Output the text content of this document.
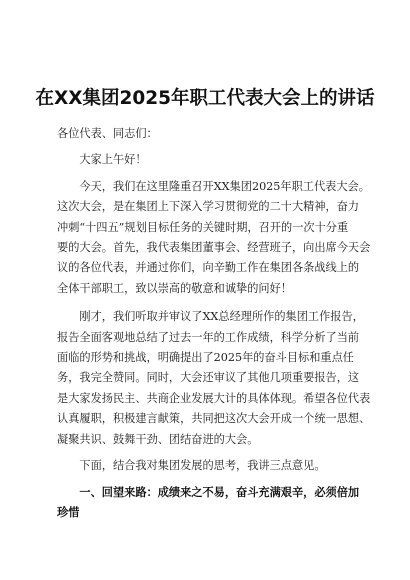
在XX集团2025年职工代表大会上的讲话

各位代表、同志们：

大家上午好！

今天，我们在这里隆重召开XX集团2025年职工代表大会。
这次大会，是在集团上下深入学习贯彻党的二十大精神，奋力
冲刺“十四五”规划目标任务的关键时期，召开的一次十分重
要的大会。首先，我代表集团董事会、经营班子，向出席今天会
议的各位代表，并通过你们，向辛勤工作在集团各条战线上的
全体干部职工，致以崇高的敬意和诚挚的问好！

刚才，我们听取并审议了XX总经理所作的集团工作报告，
报告全面客观地总结了过去一年的工作成绩，科学分析了当前
面临的形势和挑战，明确提出了2025年的奋斗目标和重点任
务，我完全赞同。同时，大会还审议了其他几项重要报告，这
是大家发扬民主、共商企业发展大计的具体体现。希望各位代表
认真履职，积极建言献策，共同把这次大会开成一个统一思想、
凝聚共识、鼓舞干劲、团结奋进的大会。

下面，结合我对集团发展的思考，我讲三点意见。

一、回望来路：成绩来之不易，奋斗充满艰辛，必须倍加
珍惜
